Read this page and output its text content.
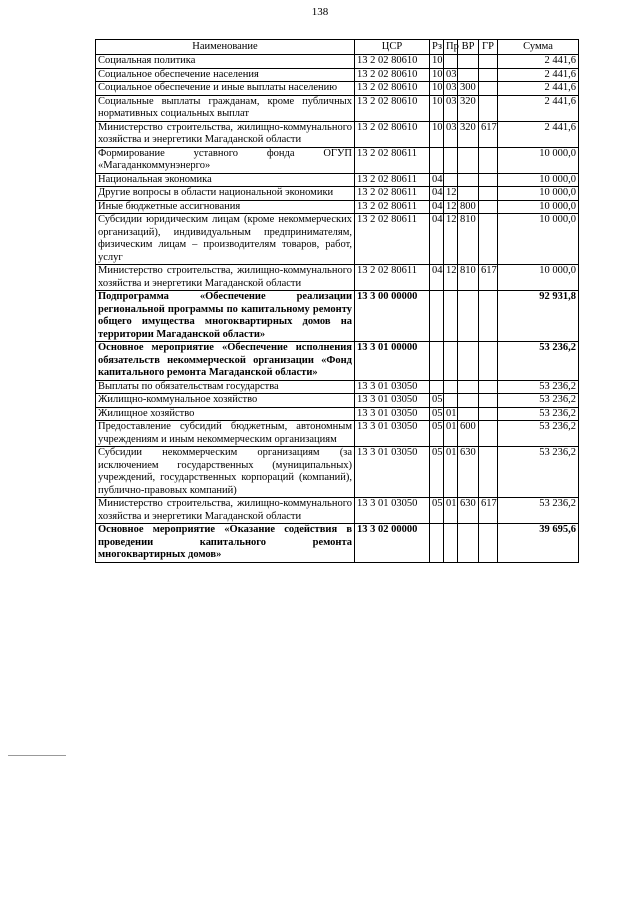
138
Наименование	ЦСР	Рз	Пр	ВР	ГР	Сумма
Социальная политика	13 2 02 80610	10				2 441,6
Социальное обеспечение населения	13 2 02 80610	10	03			2 441,6
Социальное обеспечение и иные выплаты населению	13 2 02 80610	10	03	300		2 441,6
Социальные выплаты гражданам, кроме публичных нормативных социальных выплат	13 2 02 80610	10	03	320		2 441,6
Министерство строительства, жилищно-коммунального хозяйства и энергетики Магаданской области	13 2 02 80610	10	03	320	617	2 441,6
Формирование уставного фонда ОГУП «Магаданкоммунэнерго»	13 2 02 80611					10 000,0
Национальная экономика	13 2 02 80611	04				10 000,0
Другие вопросы в области национальной экономики	13 2 02 80611	04	12			10 000,0
Иные бюджетные ассигнования	13 2 02 80611	04	12	800		10 000,0
Субсидии юридическим лицам (кроме некоммерческих организаций), индивидуальным предпринимателям, физическим лицам – производителям товаров, работ, услуг	13 2 02 80611	04	12	810		10 000,0
Министерство строительства, жилищно-коммунального хозяйства и энергетики Магаданской области	13 2 02 80611	04	12	810	617	10 000,0
Подпрограмма «Обеспечение реализации региональной программы по капитальному ремонту общего имущества многоквартирных домов на территории Магаданской области»	13 3 00 00000					92 931,8
Основное мероприятие «Обеспечение исполнения обязательств некоммерческой организации «Фонд капитального ремонта Магаданской области»	13 3 01 00000					53 236,2
Выплаты по обязательствам государства	13 3 01 03050					53 236,2
Жилищно-коммунальное хозяйство	13 3 01 03050	05				53 236,2
Жилищное хозяйство	13 3 01 03050	05	01			53 236,2
Предоставление субсидий бюджетным, автономным учреждениям и иным некоммерческим организациям	13 3 01 03050	05	01	600		53 236,2
Субсидии некоммерческим организациям (за исключением государственных (муниципальных) учреждений, государственных корпораций (компаний), публично-правовых компаний)	13 3 01 03050	05	01	630		53 236,2
Министерство строительства, жилищно-коммунального хозяйства и энергетики Магаданской области	13 3 01 03050	05	01	630	617	53 236,2
Основное мероприятие «Оказание содействия в проведении капитального ремонта многоквартирных домов»	13 3 02 00000					39 695,6
